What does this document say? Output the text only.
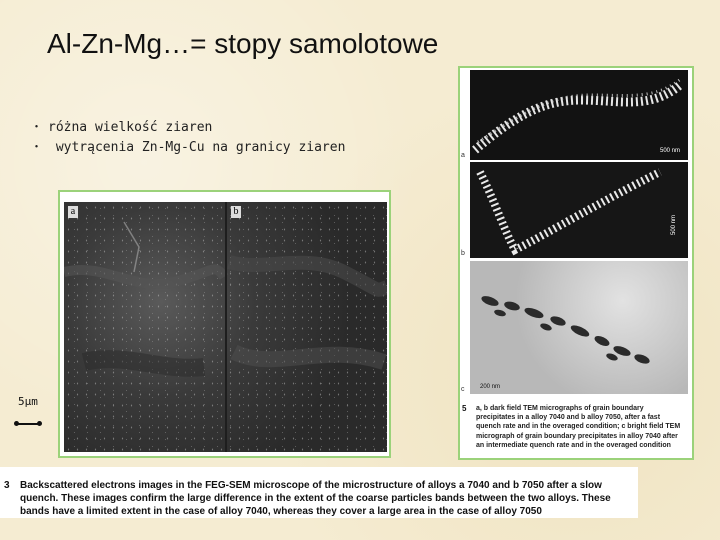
Al-Zn-Mg…= stopy samolotowe
・ różna wielkość ziaren
・ wytrącenia Zn-Mg-Cu na granicy ziaren
a	b
5μm
3 Backscattered electrons images in the FEG-SEM microscope of the microstructure of alloys a 7040 and b 7050 after a slow quench. These images confirm the large difference in the extent of the coarse particles bands between the two alloys. These bands have a limited extent in the case of alloy 7040, whereas they cover a large area in the case of alloy 7050
500 nm
a
500 nm
b
200 nm
c
5 a, b dark field TEM micrographs of grain boundary precipitates in a alloy 7040 and b alloy 7050, after a fast quench rate and in the overaged condition; c bright field TEM micrograph of grain boundary precipitates in alloy 7040 after an intermediate quench rate and in the overaged condition
